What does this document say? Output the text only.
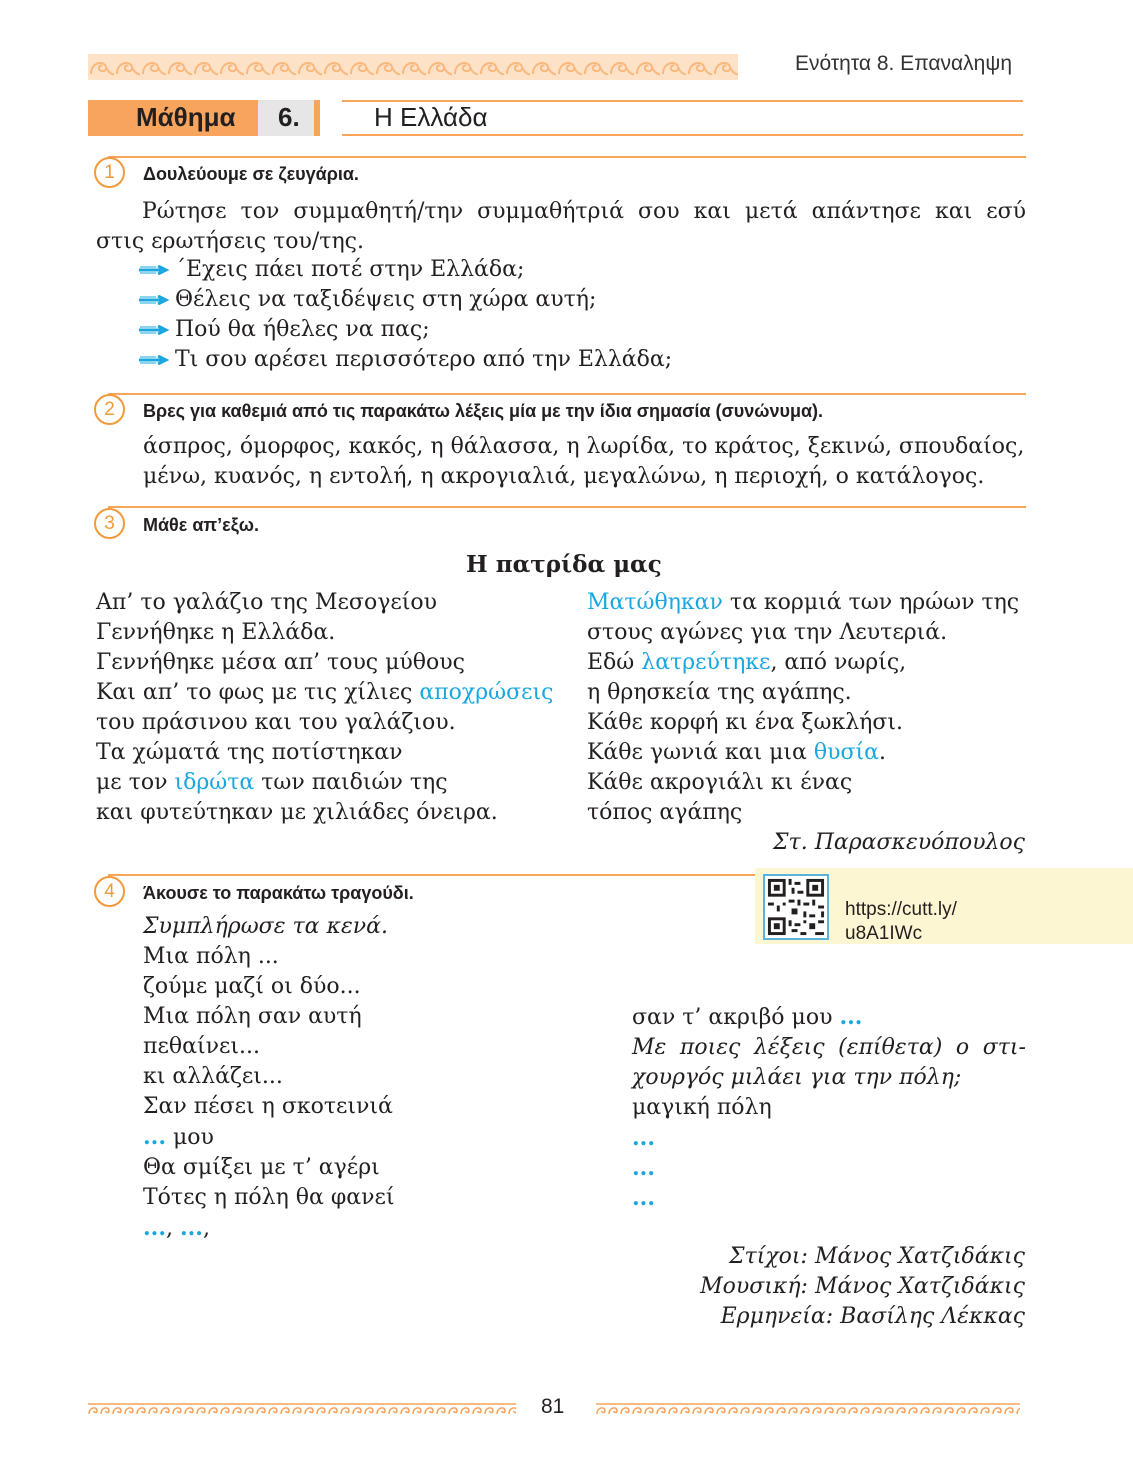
Ενότητα 8. Επαναληψη
Μάθημα 6.	Η Ελλάδα
1	Δουλεύουμε σε ζευγάρια.
Ρώτησε τον συμμαθητή/την συμμαθήτριά σου και μετά απάντησε και εσύ
στις ερωτήσεις του/της.
΄Εχεις πάει ποτέ στην Ελλάδα;
Θέλεις να ταξιδέψεις στη χώρα αυτή;
Πού θα ήθελες να πας;
Τι σου αρέσει περισσότερο από την Ελλάδα;
2	Βρες για καθεμιά από τις παρακάτω λέξεις μία με την ίδια σημασία (συνώνυμα).
άσπρος, όμορφος, κακός, η θάλασσα, η λωρίδα, το κράτος, ξεκινώ, σπουδαίος,
μένω, κυανός, η εντολή, η ακρογιαλιά, μεγαλώνω, η περιοχή, ο κατάλογος.
3	Μάθε απ’εξω.
Η πατρίδα μας
Απ’ το γαλάζιο της Μεσογείου
Γεννήθηκε η Ελλάδα.
Γεννήθηκε μέσα απ’ τους μύθους
Και απ’ το φως με τις χίλιες αποχρώσεις
του πράσινου και του γαλάζιου.
Τα χώματά της ποτίστηκαν
με τον ιδρώτα των παιδιών της
και φυτεύτηκαν με χιλιάδες όνειρα.
Ματώθηκαν τα κορμιά των ηρώων της
στους αγώνες για την Λευτεριά.
Εδώ λατρεύτηκε, από νωρίς,
η θρησκεία της αγάπης.
Κάθε κορφή κι ένα ξωκλήσι.
Κάθε γωνιά και μια θυσία.
Κάθε ακρογιάλι κι ένας
τόπος αγάπης
Στ. Παρασκευόπουλος
4	Άκουσε το παρακάτω τραγούδι.
https://cutt.ly/
u8A1IWc
Συμπλήρωσε τα κενά.
Μια πόλη ...
ζούμε μαζί οι δύο...
Μια πόλη σαν αυτή
πεθαίνει...
κι αλλάζει...
Σαν πέσει η σκοτεινιά
... μου
Θα σμίξει με τ’ αγέρι
Τότες η πόλη θα φανεί
..., ...,
σαν τ’ ακριβό μου ...
Με ποιες λέξεις (επίθετα) ο στι-
χουργός μιλάει για την πόλη;
μαγική πόλη
...
...
...
Στίχοι: Μάνος Χατζιδάκις
Μουσική: Μάνος Χατζιδάκις
Ερμηνεία: Βασίλης Λέκκας
81
